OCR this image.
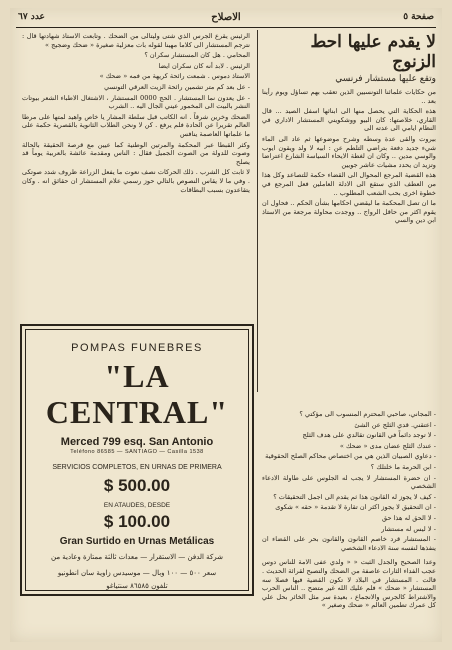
عدد ٦٧	الاصلاح	صفحة ٥
لا يقدم عليها احط الزنوج
وتقع عليها مستشار فرنسي

من حكايات علمائنا التونسيين الذين تعقب بهم تساؤل ويوم رأينا بعد ..

هذه الحكاية التي يحصل منها الى ابنائها اسفل الصيد ... قال القاري، خلاصتها: كان البيو ووشكويني المستشار الاداري في النظام ايامي الى عدته الى

بيروت والقى عدة وسطه وشرح موضوعها ثم عاد الى الماء شيء جديد دفعة بتراضي التلطم عن : ابيه لا ولد ويقون ايوب والوسي مدين .. وكان ان لغطة الايحاء السياسة الشارع اعتراضا وتزيد ان يحدد مشيات عاشر جويين

هذه القضية المرجع المحوال الى القضاء حكمة للتصاعد وكل هذا من العطف الذي ستقع الى الادلة العاملين فعل المرجع في خطوة اخرى بحب الشعب المطلوب ..

ما ان تصل المحكمة ما ليقضي احكامها بشأن الحكم .. فحاول ان يقوم اكثر من حاقل الرواج .. ووجدت محاولة مرجعة من الاستاذ ابن دين والسي

- المجاني، صاحبي المحترم المنسوب الى مؤكتي ؟

- اعتقني. قدي الثلج عن الشئ

- لا توجد دائماً في القانون تقالدي على هدف الثلج

- عندك الثلج عضان مدى « ضحك »

- دعاوي الصبيان الذين هي من اختصاص محاكم الصلح الحقوقية

- ابن الحرمة ما خلتلك ؟

- ان حضرة المستشار لا يجب له الجلوس على طاولة الادعاء الشخصي

- كيف لا يجوز له القانون هذا ثم يقدم الى اجمل التحقيقات ؟

- ان التحقيق لا يجوز اكثر ان تقارة لا تقدمة « حقه » شكوى

- لا الحق له هذا حق

- لا ليس له مستشار

- المستشار قرد خاصم القانون والقانون بحر على القضاء ان ينفذها لنفسه سنة الادعاء الشخصي

وعدا الصحيح والجدل الثبت « « ولدي عفى الامة للناس دوس عجب الفداء الثارات عاصفة من الضحك والتصبح لقرائة الحديث . قالت . المستشار في البلاد لا تكون القضية فيها فصلا سه المستشار « ضحك » فلم عليك الله غير متضح .. الناس الحرب والاشتراط كالجرس والانجماع ، بعيدة سر مثل الخائر بحل علي كل عمرك تطمين العالم « ضحك وصغير »

الرئيس يقرع الجرس الذي شتى وليتالى من الضحك . وتابعت الاستاذ شهادتها قال : نترجم المستشار الى كلاما مهينا لقوله بات معزلية صغيرة « ضحك وضجيج »

المحامي . هل كان المستشار سكران ؟

الرئيس . لابد أنه كان سكران ايضا

الاستاذ دموس . شمعت رائحة كريهة من فمه « ضحك »

- عل بعد كم متر تشمين رائحة الزيت العرقي التونسي

- عل يعدون نما المستشار . الحج 0000 المستشار ، الاشتغال الاطباء الشعر بيوتات النشر بالبيت الى المخمور عيني الجال اليه .. الشرب

الضحك وخرين شرقاً . انه الكاتب قبل سلطة المشار يا خاص واهيد لمتها على مرطا العالم تقريرا عن الحادة فلم يرفع . كن لا ونحن الطلاب الثانوية بالقصرية حكمة على ما علماتها العاصمة ينافس

وكثر القبطا عبر المحكمة والمرتين الوطنية كما عيين مع قرصة الحقيقة بالحالة وصوت للدولة من الصوت الجميل فقال : الناس ومقدمة عائشة بالعربية يوماً قد يصلح

لا ثابت كل الشرب . ذلك الحركات نصف نعوت ما يفعل الزراعة ظروف شدد صوتكى . وفي ما لا يقاس النصوص بالتالي حوز رسمي علام المستشار ان حقائق انه . وكان يتقاعدون بسبب البطاقات

POMPAS FUNEBRES
"LA CENTRAL"
Merced 799 esq. San Antonio
Teléfono 86585 — SANTIAGO — Casilla 1538
SERVICIOS COMPLETOS, EN URNAS DE PRIMERA
$ 500.00
EN ATAUDES, DESDE
$ 100.00
Gran Surtido en Urnas Metálicas
شركة الدفن — الاستقرار — معدات ثالثة ممتازة وعادية من
سعر ٥٠٠ — ١٠٠ وبال — موسيدس زاوية سان انطونيو
تلفون ٨٦٥٨٥ سنتياغو
